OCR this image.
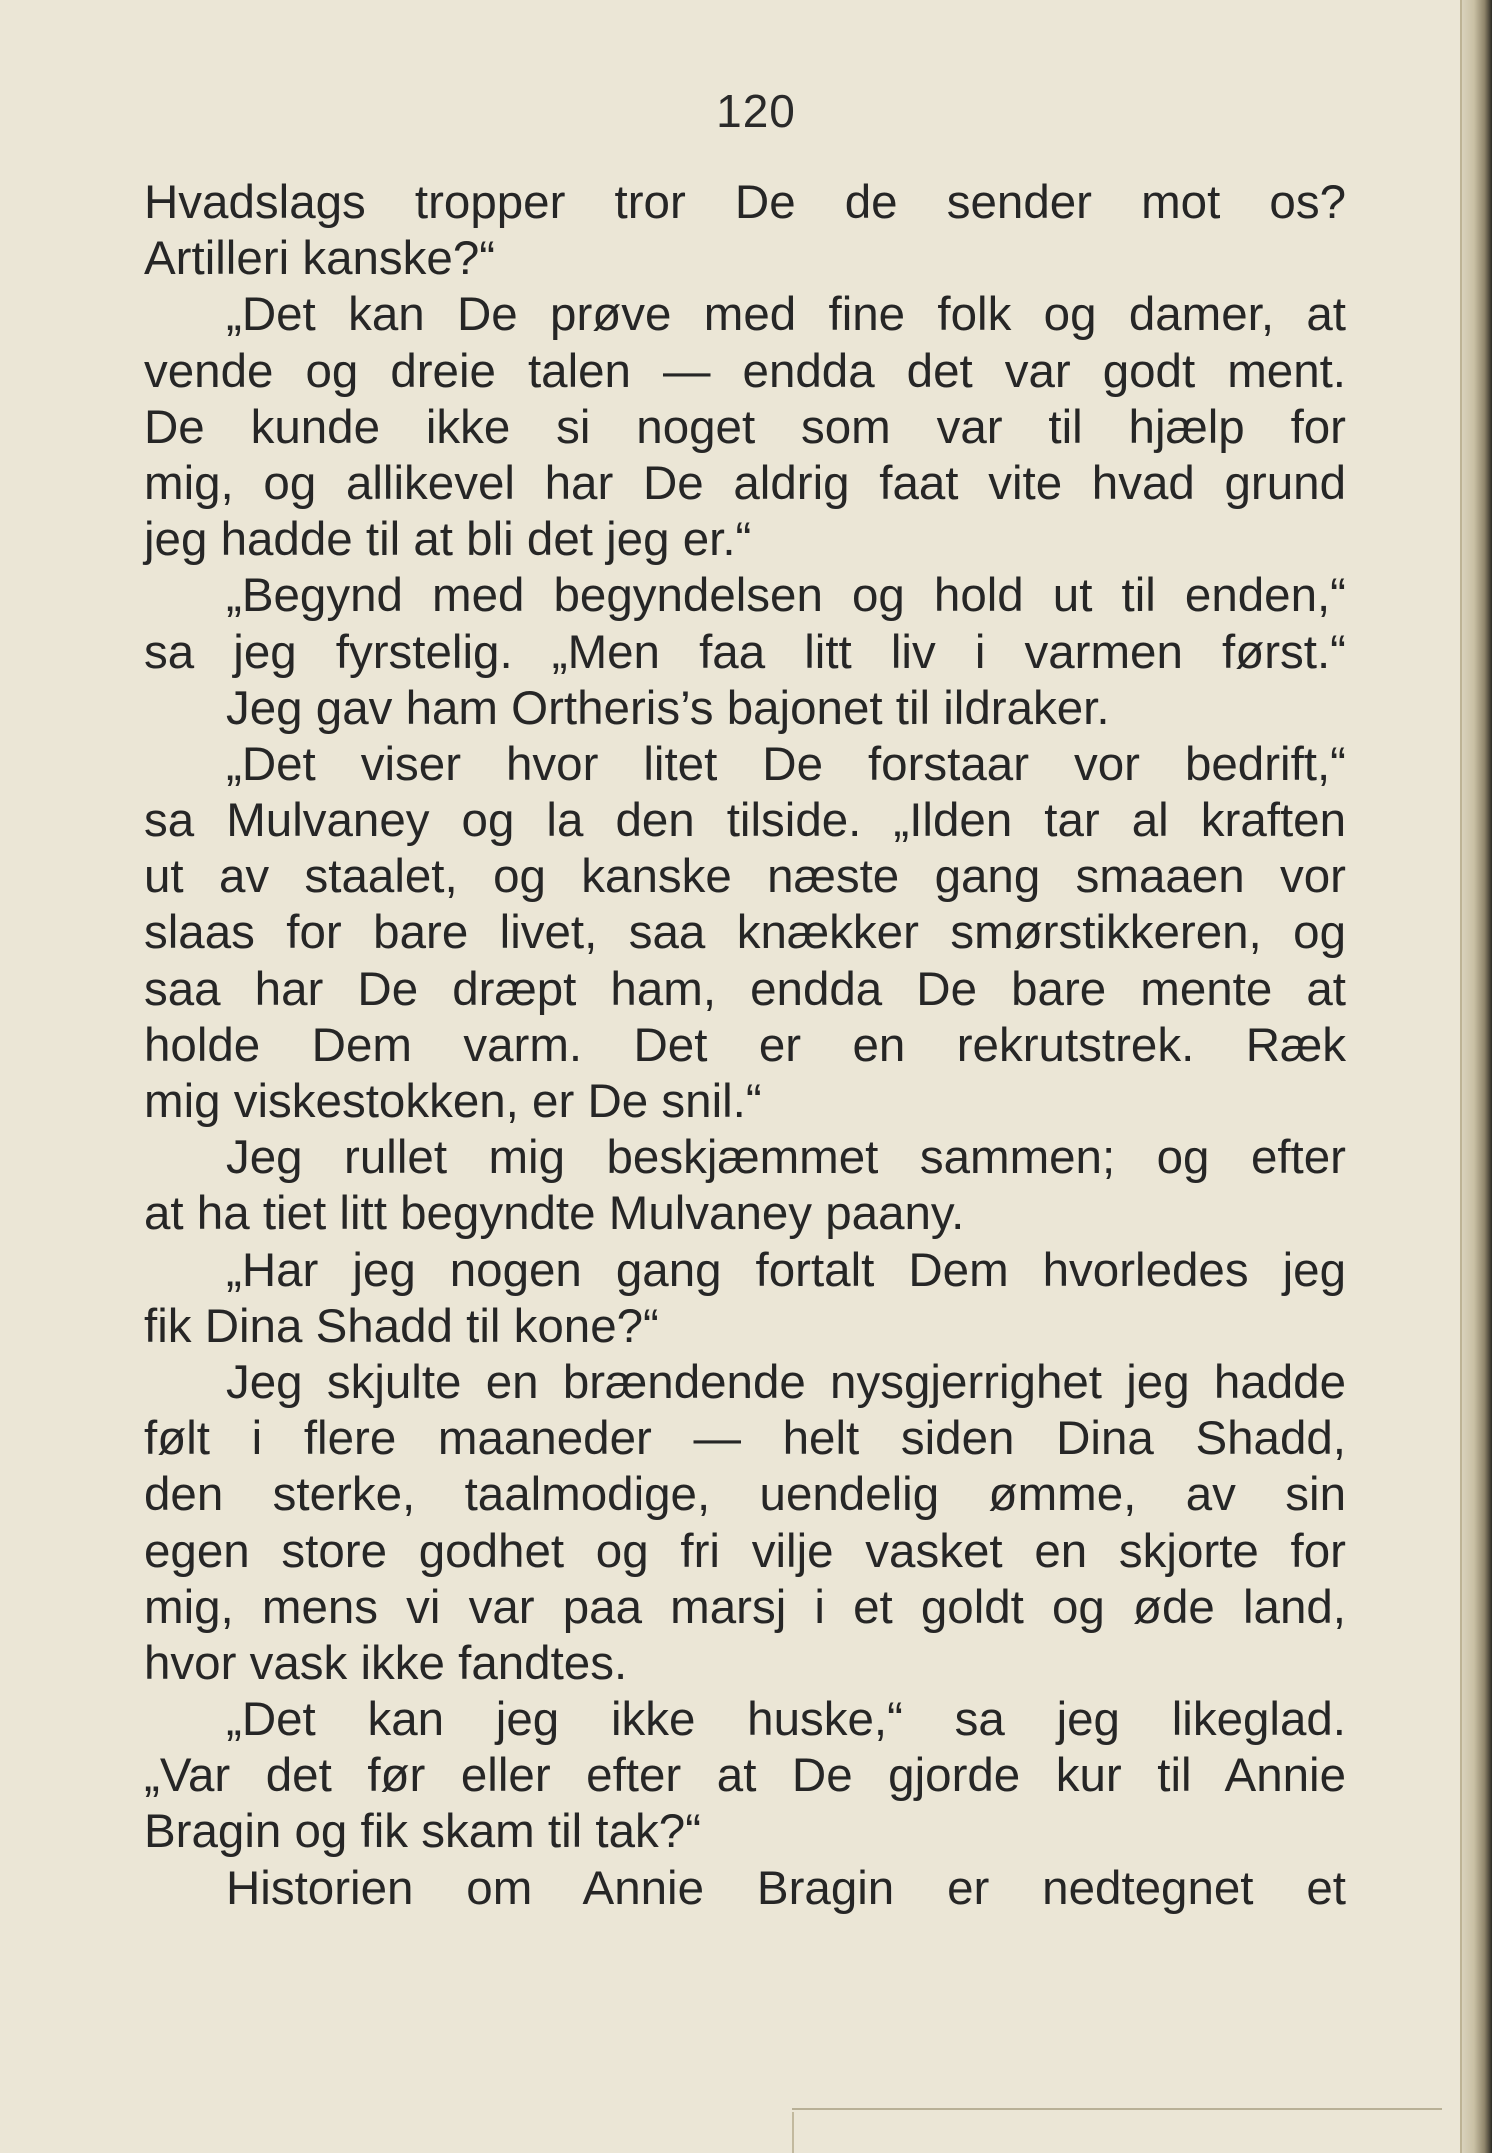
120
Hvadslags tropper tror De de sender mot os?
Artilleri kanske?“
„Det kan De prøve med fine folk og damer, at
vende og dreie talen — endda det var godt ment.
De kunde ikke si noget som var til hjælp for
mig, og allikevel har De aldrig faat vite hvad grund
jeg hadde til at bli det jeg er.“
„Begynd med begyndelsen og hold ut til enden,“
sa jeg fyrstelig. „Men faa litt liv i varmen først.“
Jeg gav ham Ortheris’s bajonet til ildraker.
„Det viser hvor litet De forstaar vor bedrift,“
sa Mulvaney og la den tilside. „Ilden tar al kraften
ut av staalet, og kanske næste gang smaaen vor
slaas for bare livet, saa knækker smørstikkeren, og
saa har De dræpt ham, endda De bare mente at
holde Dem varm. Det er en rekrutstrek. Ræk
mig viskestokken, er De snil.“
Jeg rullet mig beskjæmmet sammen; og efter
at ha tiet litt begyndte Mulvaney paany.
„Har jeg nogen gang fortalt Dem hvorledes jeg
fik Dina Shadd til kone?“
Jeg skjulte en brændende nysgjerrighet jeg hadde
følt i flere maaneder — helt siden Dina Shadd,
den sterke, taalmodige, uendelig ømme, av sin
egen store godhet og fri vilje vasket en skjorte for
mig, mens vi var paa marsj i et goldt og øde land,
hvor vask ikke fandtes.
„Det kan jeg ikke huske,“ sa jeg likeglad.
„Var det før eller efter at De gjorde kur til Annie
Bragin og fik skam til tak?“
Historien om Annie Bragin er nedtegnet et
